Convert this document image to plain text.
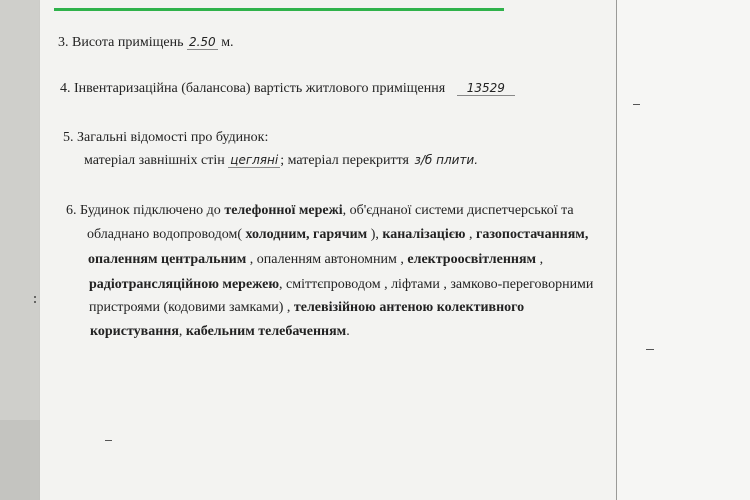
3. Висота приміщень 2.50 м.
4. Інвентаризаційна (балансова) вартість житлового приміщення 13529
5. Загальні відомості про будинок:
матеріал завнішніх стін цегляні ; матеріал перекриття з/б плити.
6. Будинок підключено до телефонної мережі, об'єднаної системи диспетчерської та
обладнано водопроводом( холодним, гарячим ), каналізацією , газопостачанням,
опаленням центральним , опаленням автономним , електроосвітленням ,
радіотрансляційною мережею, сміттєпроводом , ліфтами , замково-переговорними
пристроями (кодовими замками) , телевізійною антеною колективного
користування, кабельним телебаченням.
